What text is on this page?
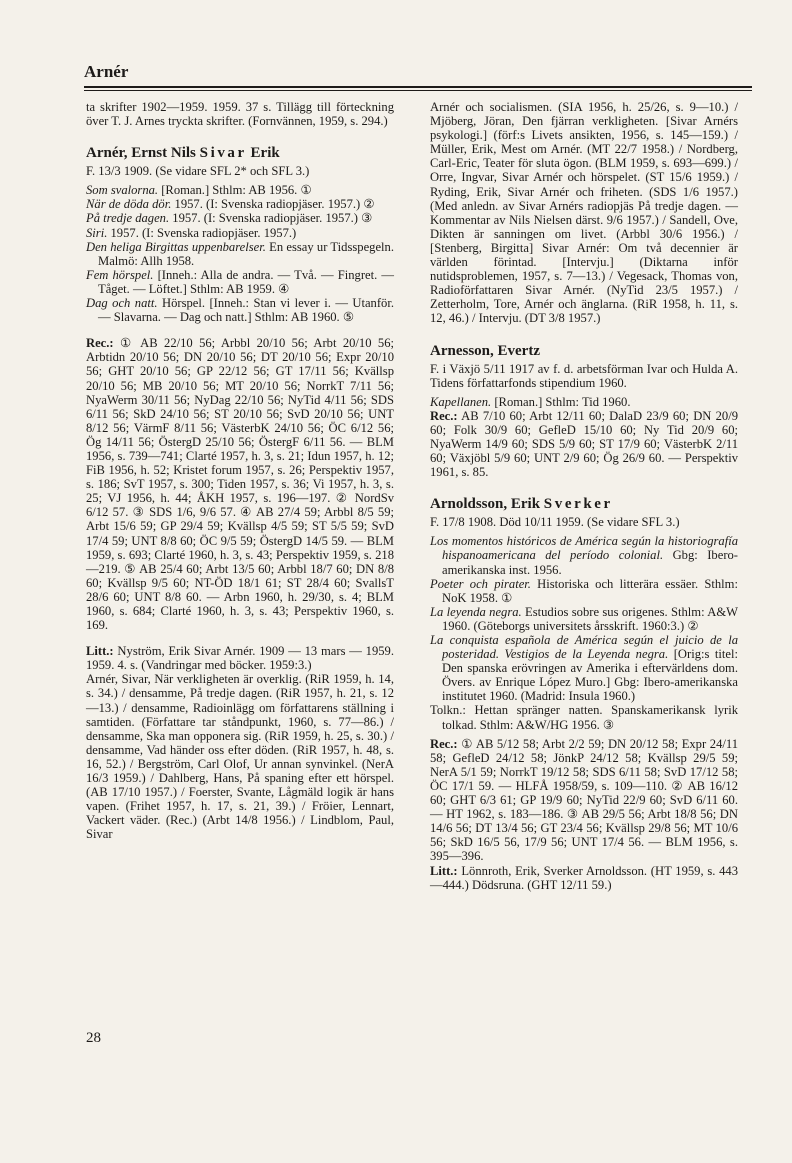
Arnér

ta skrifter 1902—1959. 1959. 37 s. Tillägg till förteckning över T. J. Arnes tryckta skrifter. (Fornvännen, 1959, s. 294.)

Arnér, Ernst Nils Sivar Erik

F. 13/3 1909. (Se vidare SFL 2* och SFL 3.)

Som svalorna. [Roman.] Sthlm: AB 1956. ①

När de döda dör. 1957. (I: Svenska radiopjäser. 1957.) ②

På tredje dagen. 1957. (I: Svenska radiopjäser. 1957.) ③

Siri. 1957. (I: Svenska radiopjäser. 1957.)

Den heliga Birgittas uppenbarelser. En essay ur Tidsspegeln. Malmö: Allh 1958.

Fem hörspel. [Inneh.: Alla de andra. — Två. — Fingret. — Tåget. — Löftet.] Sthlm: AB 1959. ④

Dag och natt. Hörspel. [Inneh.: Stan vi lever i. — Utanför. — Slavarna. — Dag och natt.] Sthlm: AB 1960. ⑤

Rec.: ① AB 22/10 56; Arbbl 20/10 56; Arbt 20/10 56; Arbtidn 20/10 56; DN 20/10 56; DT 20/10 56; Expr 20/10 56; GHT 20/10 56; GP 22/12 56; GT 17/11 56; Kvällsp 20/10 56; MB 20/10 56; MT 20/10 56; NorrkT 7/11 56; NyaWerm 30/11 56; NyDag 22/10 56; NyTid 4/11 56; SDS 6/11 56; SkD 24/10 56; ST 20/10 56; SvD 20/10 56; UNT 8/12 56; VärmF 8/11 56; VästerbK 24/10 56; ÖC 6/12 56; Ög 14/11 56; ÖstergD 25/10 56; ÖstergF 6/11 56. — BLM 1956, s. 739—741; Clarté 1957, h. 3, s. 21; Idun 1957, h. 12; FiB 1956, h. 52; Kristet forum 1957, s. 26; Perspektiv 1957, s. 186; SvT 1957, s. 300; Tiden 1957, s. 36; Vi 1957, h. 3, s. 25; VJ 1956, h. 44; ÅKH 1957, s. 196—197. ② NordSv 6/12 57. ③ SDS 1/6, 9/6 57. ④ AB 27/4 59; Arbbl 8/5 59; Arbt 15/6 59; GP 29/4 59; Kvällsp 4/5 59; ST 5/5 59; SvD 17/4 59; UNT 8/8 60; ÖC 9/5 59; ÖstergD 14/5 59. — BLM 1959, s. 693; Clarté 1960, h. 3, s. 43; Perspektiv 1959, s. 218—219. ⑤ AB 25/4 60; Arbt 13/5 60; Arbbl 18/7 60; DN 8/8 60; Kvällsp 9/5 60; NT-ÖD 18/1 61; ST 28/4 60; SvallsT 28/6 60; UNT 8/8 60. — Arbn 1960, h. 29/30, s. 4; BLM 1960, s. 684; Clarté 1960, h. 3, s. 43; Perspektiv 1960, s. 169.

Litt.: Nyström, Erik Sivar Arnér. 1909 — 13 mars — 1959. 1959. 4. s. (Vandringar med böcker. 1959:3.)

Arnér, Sivar, När verkligheten är overklig. (RiR 1959, h. 14, s. 34.) / densamme, På tredje dagen. (RiR 1957, h. 21, s. 12—13.) / densamme, Radioinlägg om författarens ställning i samtiden. (Författare tar ståndpunkt, 1960, s. 77—86.) / densamme, Ska man opponera sig. (RiR 1959, h. 25, s. 30.) / densamme, Vad händer oss efter döden. (RiR 1957, h. 48, s. 16, 52.) / Bergström, Carl Olof, Ur annan synvinkel. (NerA 16/3 1959.) / Dahlberg, Hans, På spaning efter ett hörspel. (AB 17/10 1957.) / Foerster, Svante, Lågmäld logik är hans vapen. (Frihet 1957, h. 17, s. 21, 39.) / Fröier, Lennart, Vackert väder. (Rec.) (Arbt 14/8 1956.) / Lindblom, Paul, Sivar

Arnér och socialismen. (SIA 1956, h. 25/26, s. 9—10.) / Mjöberg, Jöran, Den fjärran verkligheten. [Sivar Arnérs psykologi.] (förf:s Livets ansikten, 1956, s. 145—159.) / Müller, Erik, Mest om Arnér. (MT 22/7 1958.) / Nordberg, Carl-Eric, Teater för sluta ögon. (BLM 1959, s. 693—699.) / Orre, Ingvar, Sivar Arnér och hörspelet. (ST 15/6 1959.) / Ryding, Erik, Sivar Arnér och friheten. (SDS 1/6 1957.) (Med anledn. av Sivar Arnérs radiopjäs På tredje dagen. — Kommentar av Nils Nielsen därst. 9/6 1957.) / Sandell, Ove, Dikten är sanningen om livet. (Arbbl 30/6 1956.) / [Stenberg, Birgitta] Sivar Arnér: Om två decennier är världen förintad. [Intervju.] (Diktarna inför nutidsproblemen, 1957, s. 7—13.) / Vegesack, Thomas von, Radioförfattaren Sivar Arnér. (NyTid 23/5 1957.) / Zetterholm, Tore, Arnér och änglarna. (RiR 1958, h. 11, s. 12, 46.) / Intervju. (DT 3/8 1957.)

Arnesson, Evertz

F. i Växjö 5/11 1917 av f. d. arbetsförman Ivar och Hulda A. Tidens författarfonds stipendium 1960.

Kapellanen. [Roman.] Sthlm: Tid 1960.

Rec.: AB 7/10 60; Arbt 12/11 60; DalaD 23/9 60; DN 20/9 60; Folk 30/9 60; GefleD 15/10 60; Ny Tid 20/9 60; NyaWerm 14/9 60; SDS 5/9 60; ST 17/9 60; VästerbK 2/11 60; Växjöbl 5/9 60; UNT 2/9 60; Ög 26/9 60. — Perspektiv 1961, s. 85.

Arnoldsson, Erik Sverker

F. 17/8 1908. Död 10/11 1959. (Se vidare SFL 3.)

Los momentos históricos de América según la historiografía hispanoamericana del período colonial. Gbg: Ibero-amerikanska inst. 1956.

Poeter och pirater. Historiska och litterära essäer. Sthlm: NoK 1958. ①

La leyenda negra. Estudios sobre sus origenes. Sthlm: A&W 1960. (Göteborgs universitets årsskrift. 1960:3.) ②

La conquista española de América según el juicio de la posteridad. Vestigios de la Leyenda negra. [Orig:s titel: Den spanska erövringen av Amerika i eftervärldens dom. Övers. av Enrique López Muro.] Gbg: Ibero-amerikanska institutet 1960. (Madrid: Insula 1960.)

Tolkn.: Hettan spränger natten. Spanskamerikansk lyrik tolkad. Sthlm: A&W/HG 1956. ③

Rec.: ① AB 5/12 58; Arbt 2/2 59; DN 20/12 58; Expr 24/11 58; GefleD 24/12 58; JönkP 24/12 58; Kvällsp 29/5 59; NerA 5/1 59; NorrkT 19/12 58; SDS 6/11 58; SvD 17/12 58; ÖC 17/1 59. — HLFÅ 1958/59, s. 109—110. ② AB 16/12 60; GHT 6/3 61; GP 19/9 60; NyTid 22/9 60; SvD 6/11 60. — HT 1962, s. 183—186. ③ AB 29/5 56; Arbt 18/8 56; DN 14/6 56; DT 13/4 56; GT 23/4 56; Kvällsp 29/8 56; MT 10/6 56; SkD 16/5 56, 17/9 56; UNT 17/4 56. — BLM 1956, s. 395—396.

Litt.: Lönnroth, Erik, Sverker Arnoldsson. (HT 1959, s. 443—444.) Dödsruna. (GHT 12/11 59.)

28
